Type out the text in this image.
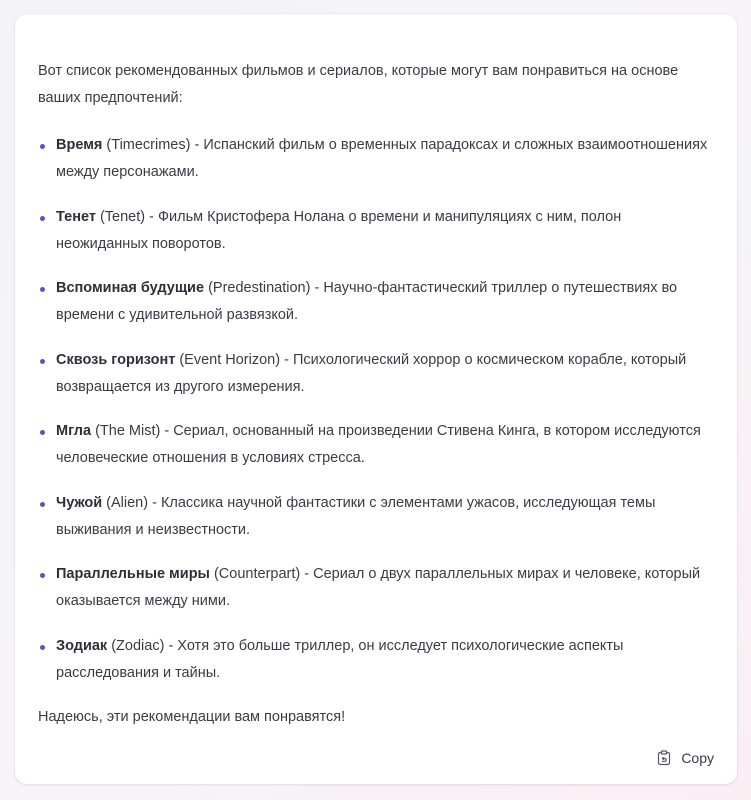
Вот список рекомендованных фильмов и сериалов, которые могут вам понравиться на основе ваших предпочтений:

Время (Timecrimes) - Испанский фильм о временных парадоксах и сложных взаимоотношениях между персонажами.
Тенет (Tenet) - Фильм Кристофера Нолана о времени и манипуляциях с ним, полон неожиданных поворотов.
Вспоминая будущие (Predestination) - Научно-фантастический триллер о путешествиях во времени с удивительной развязкой.
Сквозь горизонт (Event Horizon) - Психологический хоррор о космическом корабле, который возвращается из другого измерения.
Мгла (The Mist) - Сериал, основанный на произведении Стивена Кинга, в котором исследуются человеческие отношения в условиях стресса.
Чужой (Alien) - Классика научной фантастики с элементами ужасов, исследующая темы выживания и неизвестности.
Параллельные миры (Counterpart) - Сериал о двух параллельных мирах и человеке, который оказывается между ними.
Зодиак (Zodiac) - Хотя это больше триллер, он исследует психологические аспекты расследования и тайны.

Надеюсь, эти рекомендации вам понравятся!

Copy
